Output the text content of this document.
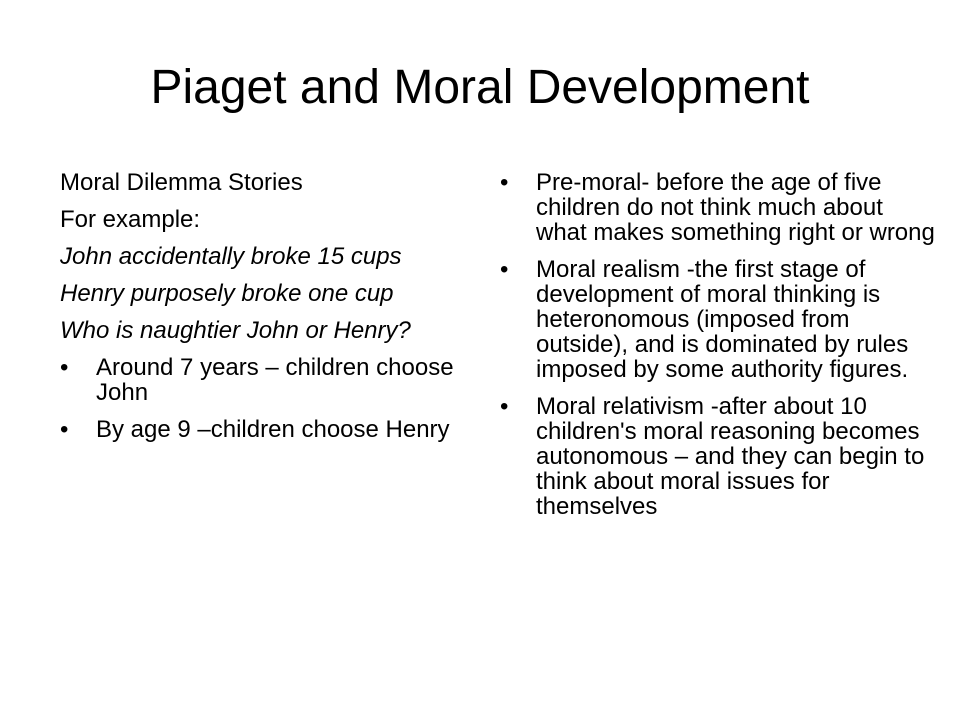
Piaget and Moral Development

Moral Dilemma Stories

For example:

John accidentally broke 15 cups

Henry purposely broke one cup

Who is naughtier John or Henry?

• Around 7 years – children choose John
• By age 9 –children choose Henry
• Pre-moral- before the age of five children do not think much about what makes something right or wrong
• Moral realism -the first stage of development of moral thinking is heteronomous (imposed from outside), and is dominated by rules imposed by some authority figures.
• Moral relativism -after about 10 children's moral reasoning becomes autonomous – and they can begin to think about moral issues for themselves
